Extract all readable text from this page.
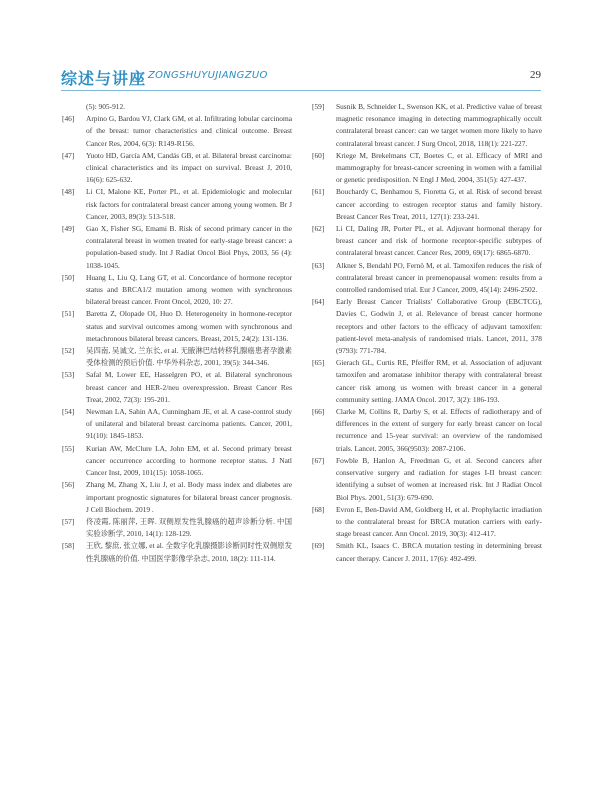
综述与讲座
· ZONGSHUYUJIANGZUO	29

(5): 905-912.

[46] Arpino G, Bardou VJ, Clark GM, et al. Infiltrating lobular carcinoma of the breast: tumor characteristics and clinical outcome. Breast Cancer Res, 2004, 6(3): R149-R156.

[47] Yuoto HD, García AM, Candás GB, et al. Bilateral breast carcinoma: clinical characteristics and its impact on survival. Breast J, 2010, 16(6): 625-632.

[48] Li CI, Malone KE, Porter PL, et al. Epidemiologic and molecular risk factors for contralateral breast cancer among young women. Br J Cancer, 2003, 89(3): 513-518.

[49] Gao X, Fisher SG, Emami B. Risk of second primary cancer in the contralateral breast in women treated for early-stage breast cancer: a population-based study. Int J Radiat Oncol Biol Phys, 2003, 56 (4): 1038-1045.

[50] Huang L, Liu Q, Lang GT, et al. Concordance of hormone receptor status and BRCA1/2 mutation among women with synchronous bilateral breast cancer. Front Oncol, 2020, 10: 27.

[51] Baretta Z, Olopade OI, Huo D. Heterogeneity in hormone-receptor status and survival outcomes among women with synchronous and metachronous bilateral breast cancers. Breast, 2015, 24(2): 131-136.

[52] 吴四南, 吴诚文, 兰东长, et al. 无腋淋巴结转移乳腺癌患者孕激素受体检测的预后价值. 中华外科杂志, 2001, 39(5): 344-346.

[53] Safal M, Lower EE, Hasselgren PO, et al. Bilateral synchronous breast cancer and HER-2/neu overexpression. Breast Cancer Res Treat, 2002, 72(3): 195-201.

[54] Newman LA, Sahin AA, Cunningham JE, et al. A case-control study of unilateral and bilateral breast carcinoma patients. Cancer, 2001, 91(10): 1845-1853.

[55] Kurian AW, McClure LA, John EM, et al. Second primary breast cancer occurrence according to hormone receptor status. J Natl Cancer Inst, 2009, 101(15): 1058-1065.

[56] Zhang M, Zhang X, Liu J, et al. Body mass index and diabetes are important prognostic signatures for bilateral breast cancer prognosis. J Cell Biochem. 2019 .

[57] 佟凌霞, 陈丽萍, 王晖. 双侧原发性乳腺癌的超声诊断分析. 中国实验诊断学, 2010, 14(1): 128-129.

[58] 王欣, 黎庶, 张立娜, et al. 全数字化乳腺摄影诊断同时性双侧原发性乳腺癌的价值. 中国医学影像学杂志, 2010, 18(2): 111-114.

[59] Susnik B, Schneider L, Swenson KK, et al. Predictive value of breast magnetic resonance imaging in detecting mammographically occult contralateral breast cancer: can we target women more likely to have contralateral breast cancer. J Surg Oncol, 2018, 118(1): 221-227.

[60] Kriege M, Brekelmans CT, Boetes C, et al. Efficacy of MRI and mammography for breast-cancer screening in women with a familial or genetic predisposition. N Engl J Med, 2004, 351(5): 427-437.

[61] Bouchardy C, Benhamou S, Fioretta G, et al. Risk of second breast cancer according to estrogen receptor status and family history. Breast Cancer Res Treat, 2011, 127(1): 233-241.

[62] Li CI, Daling JR, Porter PL, et al. Adjuvant hormonal therapy for breast cancer and risk of hormone receptor-specific subtypes of contralateral breast cancer. Cancer Res, 2009, 69(17): 6865-6870.

[63] Alkner S, Bendahl PO, Fernö M, et al. Tamoxifen reduces the risk of contralateral breast cancer in premenopausal women: results from a controlled randomised trial. Eur J Cancer, 2009, 45(14): 2496-2502.

[64] Early Breast Cancer Trialists' Collaborative Group (EBCTCG), Davies C, Godwin J, et al. Relevance of breast cancer hormone receptors and other factors to the efficacy of adjuvant tamoxifen: patient-level meta-analysis of randomised trials. Lancet, 2011, 378 (9793): 771-784.

[65] Gierach GL, Curtis RE, Pfeiffer RM, et al. Association of adjuvant tamoxifen and aromatase inhibitor therapy with contralateral breast cancer risk among us women with breast cancer in a general community setting. JAMA Oncol. 2017, 3(2): 186-193.

[66] Clarke M, Collins R, Darby S, et al. Effects of radiotherapy and of differences in the extent of surgery for early breast cancer on local recurrence and 15-year survival: an overview of the randomised trials. Lancet. 2005, 366(9503): 2087-2106.

[67] Fowble B, Hanlon A, Freedman G, et al. Second cancers after conservative surgery and radiation for stages I-II breast cancer: identifying a subset of women at increased risk. Int J Radiat Oncol Biol Phys. 2001, 51(3): 679-690.

[68] Evron E, Ben-David AM, Goldberg H, et al. Prophylactic irradiation to the contralateral breast for BRCA mutation carriers with early-stage breast cancer. Ann Oncol. 2019, 30(3): 412-417.

[69] Smith KL, Isaacs C. BRCA mutation testing in determining breast cancer therapy. Cancer J. 2011, 17(6): 492-499.
